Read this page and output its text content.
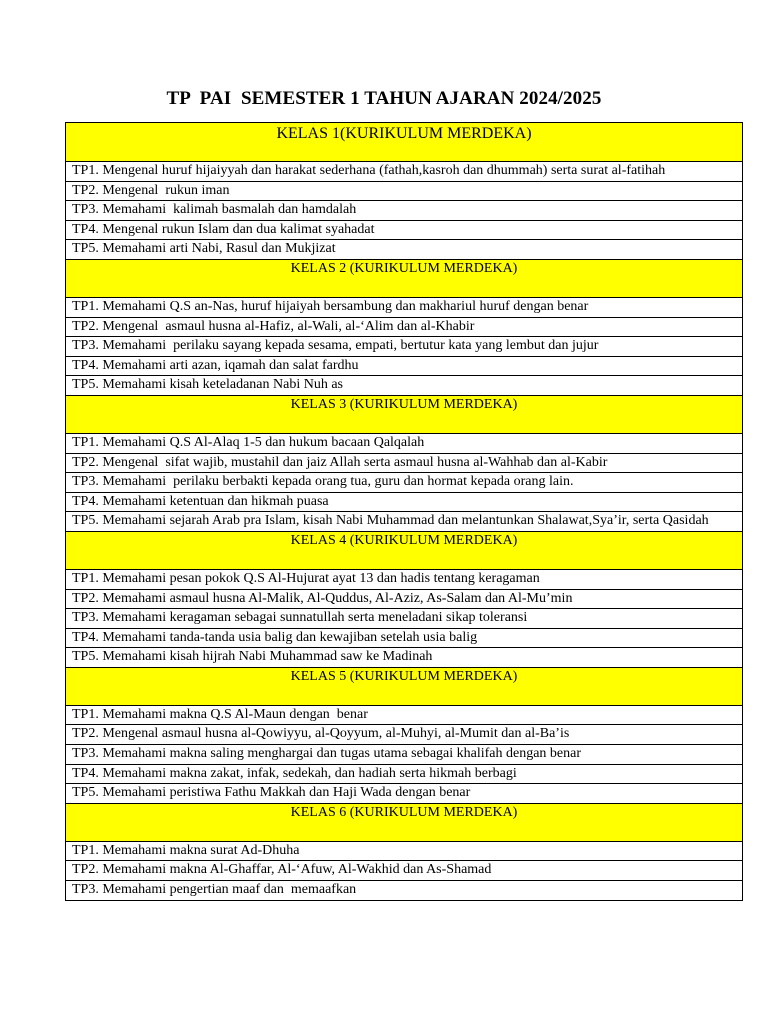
TP  PAI  SEMESTER 1 TAHUN AJARAN 2024/2025
KELAS 1(KURIKULUM MERDEKA)
TP1. Mengenal huruf hijaiyyah dan harakat sederhana (fathah,kasroh dan dhummah) serta surat al-fatihah
TP2. Mengenal  rukun iman
TP3. Memahami  kalimah basmalah dan hamdalah
TP4. Mengenal rukun Islam dan dua kalimat syahadat
TP5. Memahami arti Nabi, Rasul dan Mukjizat
KELAS 2 (KURIKULUM MERDEKA)
TP1. Memahami Q.S an-Nas, huruf hijaiyah bersambung dan makhariul huruf dengan benar
TP2. Mengenal  asmaul husna al-Hafiz, al-Wali, al-‘Alim dan al-Khabir
TP3. Memahami  perilaku sayang kepada sesama, empati, bertutur kata yang lembut dan jujur
TP4. Memahami arti azan, iqamah dan salat fardhu
TP5. Memahami kisah keteladanan Nabi Nuh as
KELAS 3 (KURIKULUM MERDEKA)
TP1. Memahami Q.S Al-Alaq 1-5 dan hukum bacaan Qalqalah
TP2. Mengenal  sifat wajib, mustahil dan jaiz Allah serta asmaul husna al-Wahhab dan al-Kabir
TP3. Memahami  perilaku berbakti kepada orang tua, guru dan hormat kepada orang lain.
TP4. Memahami ketentuan dan hikmah puasa
TP5. Memahami sejarah Arab pra Islam, kisah Nabi Muhammad dan melantunkan Shalawat,Sya’ir, serta Qasidah
KELAS 4 (KURIKULUM MERDEKA)
TP1. Memahami pesan pokok Q.S Al-Hujurat ayat 13 dan hadis tentang keragaman
TP2. Memahami asmaul husna Al-Malik, Al-Quddus, Al-Aziz, As-Salam dan Al-Mu’min
TP3. Memahami keragaman sebagai sunnatullah serta meneladani sikap toleransi
TP4. Memahami tanda-tanda usia balig dan kewajiban setelah usia balig
TP5. Memahami kisah hijrah Nabi Muhammad saw ke Madinah
KELAS 5 (KURIKULUM MERDEKA)
TP1. Memahami makna Q.S Al-Maun dengan  benar
TP2. Mengenal asmaul husna al-Qowiyyu, al-Qoyyum, al-Muhyi, al-Mumit dan al-Ba’is
TP3. Memahami makna saling menghargai dan tugas utama sebagai khalifah dengan benar
TP4. Memahami makna zakat, infak, sedekah, dan hadiah serta hikmah berbagi
TP5. Memahami peristiwa Fathu Makkah dan Haji Wada dengan benar
KELAS 6 (KURIKULUM MERDEKA)
TP1. Memahami makna surat Ad-Dhuha
TP2. Memahami makna Al-Ghaffar, Al-‘Afuw, Al-Wakhid dan As-Shamad
TP3. Memahami pengertian maaf dan  memaafkan
